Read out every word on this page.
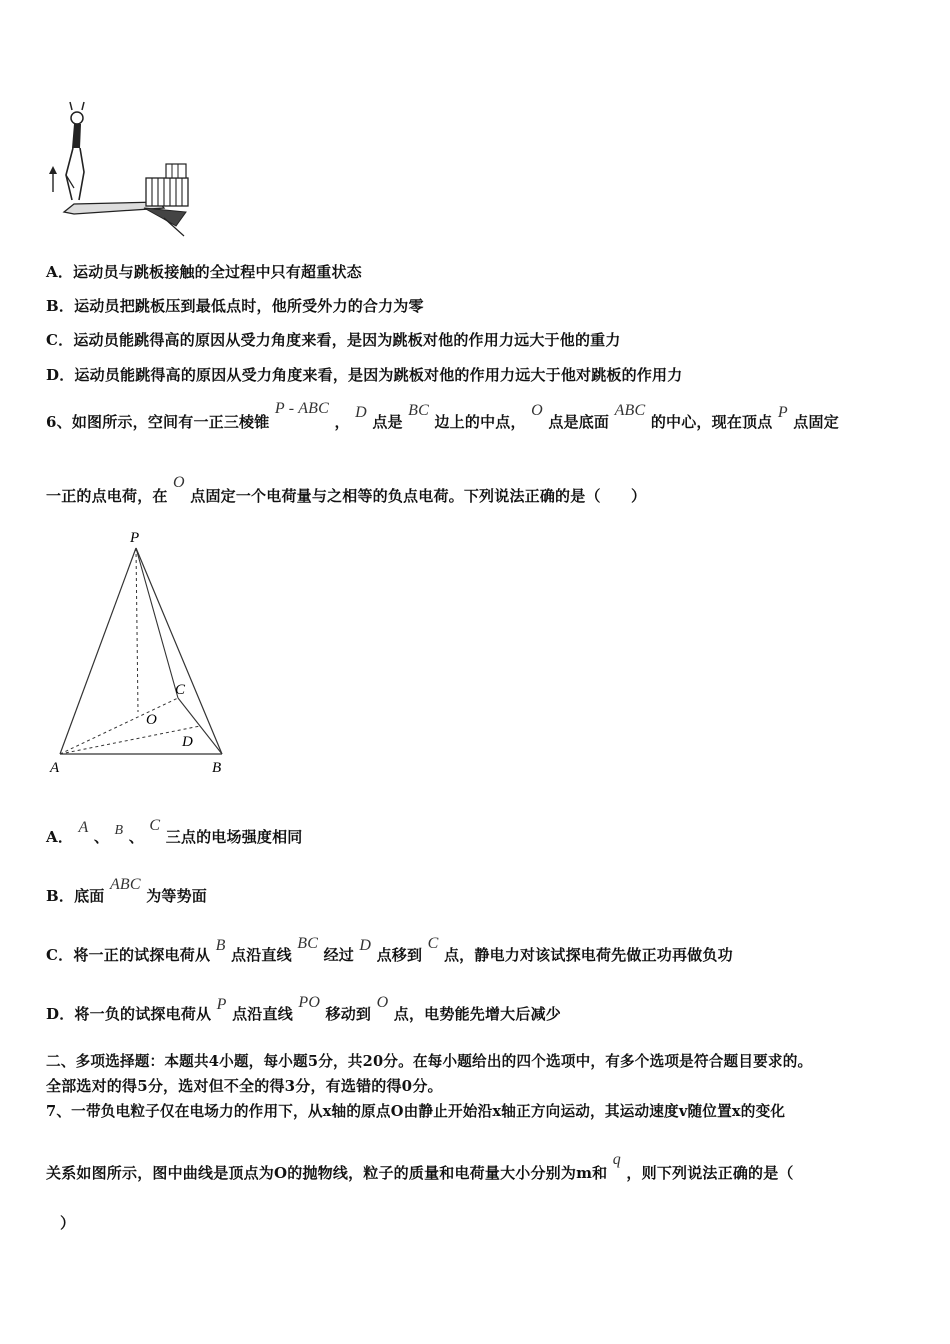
A．运动员与跳板接触的全过程中只有超重状态
B．运动员把跳板压到最低点时，他所受外力的合力为零
C．运动员能跳得高的原因从受力角度来看，是因为跳板对他的作用力远大于他的重力
D．运动员能跳得高的原因从受力角度来看，是因为跳板对他的作用力远大于他对跳板的作用力
6、如图所示，空间有一正三棱锥 P - ABC ， D 点是 BC 边上的中点， O 点是底面 ABC 的中心，现在顶点 P 点固定
一正的点电荷，在 O 点固定一个电荷量与之相等的负点电荷。下列说法正确的是（　　）
P
A	B
C
O
D
A． A 、 B 、 C 三点的电场强度相同
B．底面 ABC 为等势面
C．将一正的试探电荷从 B 点沿直线 BC 经过 D 点移到 C 点，静电力对该试探电荷先做正功再做负功
D．将一负的试探电荷从 P 点沿直线 PO 移动到 O 点，电势能先增大后减少
二、多项选择题：本题共4小题，每小题5分，共20分。在每小题给出的四个选项中，有多个选项是符合题目要求的。
全部选对的得5分，选对但不全的得3分，有选错的得0分。
7、一带负电粒子仅在电场力的作用下，从x轴的原点O由静止开始沿x轴正方向运动，其运动速度v随位置x的变化
关系如图所示，图中曲线是顶点为O的抛物线，粒子的质量和电荷量大小分别为m和 q ，则下列说法正确的是（
）
